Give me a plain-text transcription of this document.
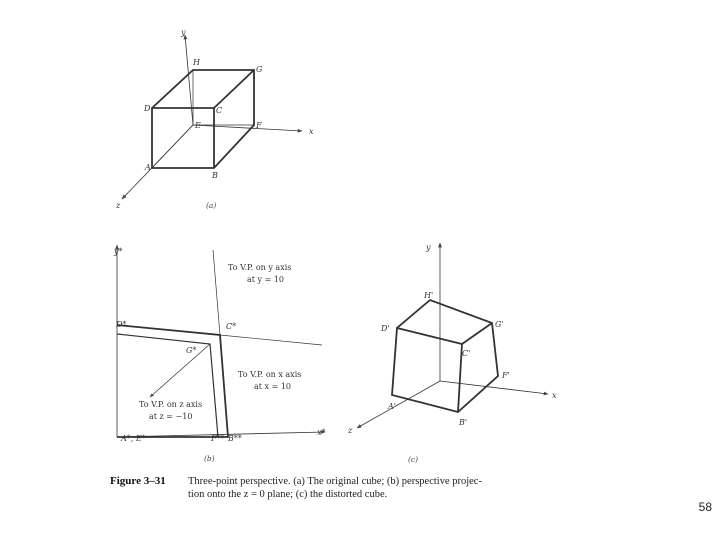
y
x
z
H
G
D	C
E	F
A
B
(a)
y*
x*
D*	C*
G*
A*, E*	F** B**
To V.P. on y axis
at y = 10
To V.P. on x axis
at x = 10
To V.P. on z axis
at z = −10
(b)
y
x
z
H'
D'	G'
C'
F'
A'
B'
(c)
Figure 3–31 Three-point perspective. (a) The original cube; (b) perspective projec-
tion onto the z = 0 plane; (c) the distorted cube.
58
